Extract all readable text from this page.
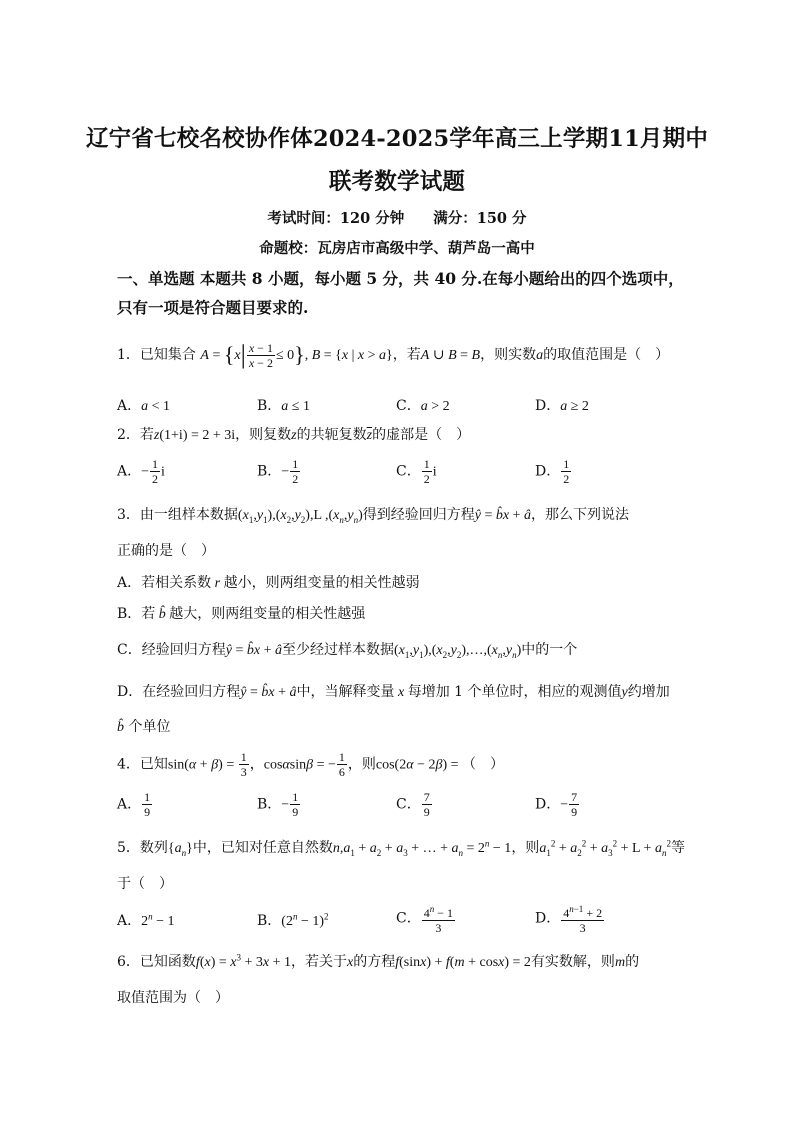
辽宁省七校名校协作体2024-2025学年高三上学期11月期中
联考数学试题
考试时间：120 分钟　　满分：150 分
命题校：瓦房店市高级中学、葫芦岛一高中
一、单选题 本题共 8 小题，每小题 5 分，共 40 分.在每小题给出的四个选项中，只有一项是符合题目要求的.
1．已知集合 $A = \{x| \frac{x - 1}{x - 2} \le 0\}$, B = {x | x > a}，若A ∪ B = B，则实数a的取值范围是（　）
A．a < 1	B．a ≤ 1	C．a > 2	D．a ≥ 2
2．若z(1+i) = 2 + 3i，则复数z的共轭复数$\overline{z}$的虚部是（　）
A．− $\frac{1}{2}$ i	B．− $\frac{1}{2}$	C． $\frac{1}{2}$ i	D． $\frac{1}{2}$
3．由一组样本数据$(x_1,y_1),(x_2,y_2),L$ $,(x_n,y_n)$得到经验回归方程ŷ = b̂x + â，那么下列说法
正确的是（　）
A．若相关系数 r 越小，则两组变量的相关性越弱
B．若 b̂ 越大，则两组变量的相关性越强
C．经验回归方程ŷ = b̂x + â至少经过样本数据$(x_1,y_1),(x_2,y_2),\dots,(x_n,y_n)$中的一个
D．在经验回归方程ŷ = b̂x + â中，当解释变量 x 每增加 1 个单位时，相应的观测值y约增加
b̂ 个单位
4．已知$\sin(\alpha + \beta) = \frac{1}{3}$ ，cosαsinβ = − $\frac{1}{6}$ ，则cos(2α − 2β) = （　）
A． $\frac{1}{9}$	B．− $\frac{1}{9}$	C． $\frac{7}{9}$	D．− $\frac{7}{9}$
5．数列$\{a_n\}$中，已知对任意自然数$n,a_1 + a_2 + a_3$ + … + $a_n = 2^n - 1$，则$a_1^2 + a_2^2 + a_3^2 + L + a_n^2$等
于（　）
A．$2^n - 1$	B．$(2^n - 1)^2$	C． $\frac{4^n - 1}{3}$	D． $\frac{4^{n-1} + 2}{3}$
6．已知函数$f(x) = x^3 + 3x + 1$，若关于x的方程f(sinx) + f(m + cosx) = 2有实数解，则m的
取值范围为（　）
